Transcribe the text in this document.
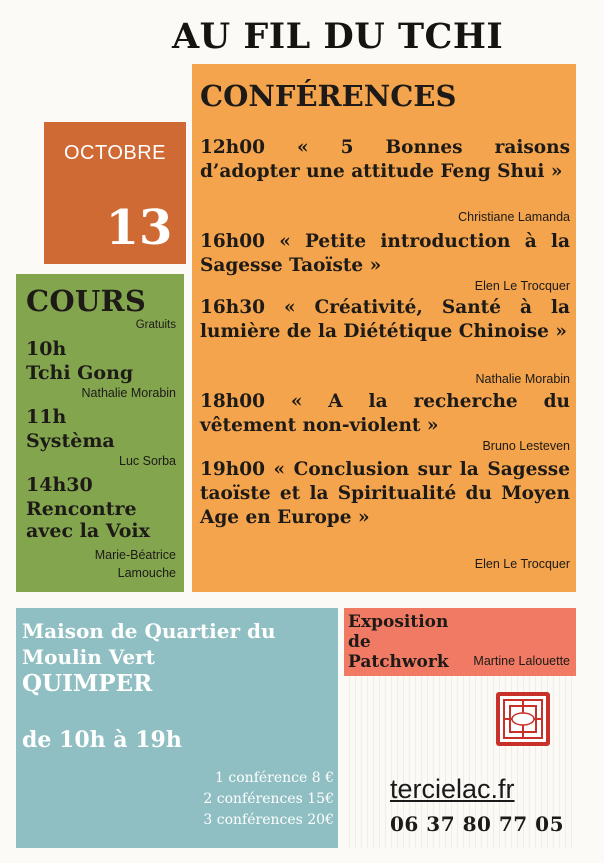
AU FIL DU TCHI
OCTOBRE
13
CONFÉRENCES
12h00 « 5 Bonnes raisons d’adopter une attitude Feng Shui »
Christiane Lamanda
16h00 « Petite introduction à la Sagesse Taoïste »
Elen Le Trocquer
16h30 « Créativité, Santé à la lumière de la Diététique Chinoise »
Nathalie Morabin
18h00 « A la recherche du vêtement non-violent »
Bruno Lesteven
19h00 « Conclusion sur la Sagesse taoïste et la Spiritualité du Moyen Age en Europe »
Elen Le Trocquer
COURS
Gratuits
10h
Tchi Gong
Nathalie Morabin
11h
Systèma
Luc Sorba
14h30
Rencontre avec la Voix
Marie-Béatrice
Lamouche
Maison de Quartier du Moulin Vert
QUIMPER
de 10h à 19h
1 conférence 8 €
2 conférences 15€
3 conférences 20€
Exposition de Patchwork	Martine Lalouette
tercielac.fr
06 37 80 77 05
